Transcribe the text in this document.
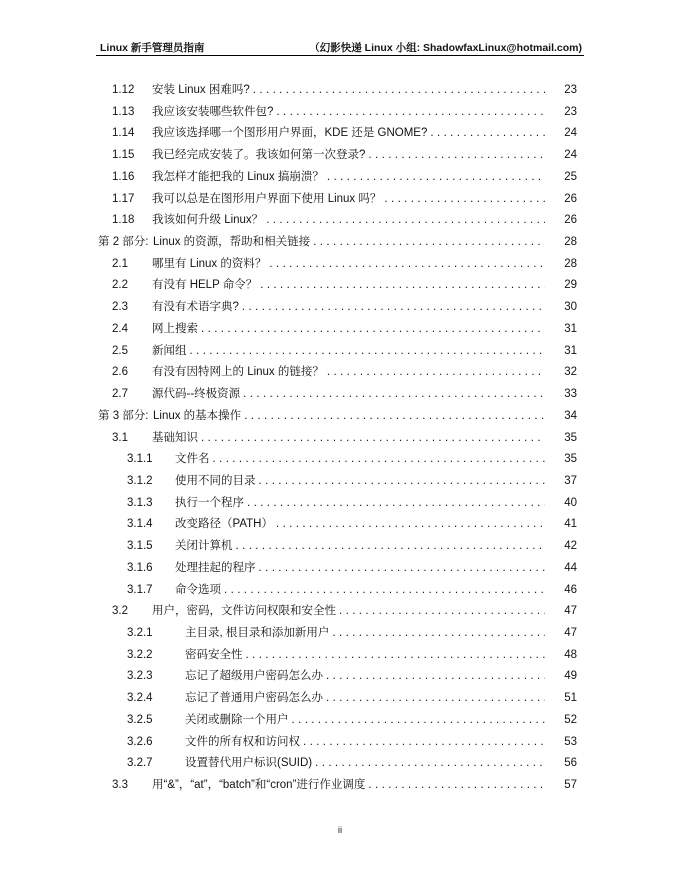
Linux 新手管理员指南	（幻影快递 Linux 小组: ShadowfaxLinux@hotmail.com)
1.12	安装 Linux 困难吗? .....	23
1.13	我应该安装哪些软件包? .....	23
1.14	我应该选择哪一个图形用户界面，KDE 还是 GNOME? .....	24
1.15	我已经完成安装了。我该如何第一次登录? .....	24
1.16	我怎样才能把我的 Linux 搞崩溃？ .....	25
1.17	我可以总是在图形用户界面下使用 Linux 吗？ .....	26
1.18	我该如何升级 Linux？ .....	26
第 2 部分: Linux 的资源，帮助和相关链接 .....	28
2.1	哪里有 Linux 的资料？ .....	28
2.2	有没有 HELP 命令？ .....	29
2.3	有没有术语字典? .....	30
2.4	网上搜索 .....	31
2.5	新闻组 .....	31
2.6	有没有因特网上的 Linux 的链接？ .....	32
2.7	源代码--终极资源 .....	33
第 3 部分: Linux 的基本操作 .....	34
3.1	基础知识 .....	35
3.1.1	文件名 .....	35
3.1.2	使用不同的目录 .....	37
3.1.3	执行一个程序 .....	40
3.1.4	改变路径（PATH） .....	41
3.1.5	关闭计算机 .....	42
3.1.6	处理挂起的程序 .....	44
3.1.7	命令选项 .....	46
3.2	用户，密码，文件访问权限和安全性 .....	47
3.2.1	主目录, 根目录和添加新用户 .....	47
3.2.2	密码安全性 .....	48
3.2.3	忘记了超级用户密码怎么办 .....	49
3.2.4	忘记了普通用户密码怎么办 .....	51
3.2.5	关闭或删除一个用户 .....	52
3.2.6	文件的所有权和访问权 .....	53
3.2.7	设置替代用户标识(SUID) .....	56
3.3	用“&”，“at”，“batch”和“cron”进行作业调度 .....	57
ii
